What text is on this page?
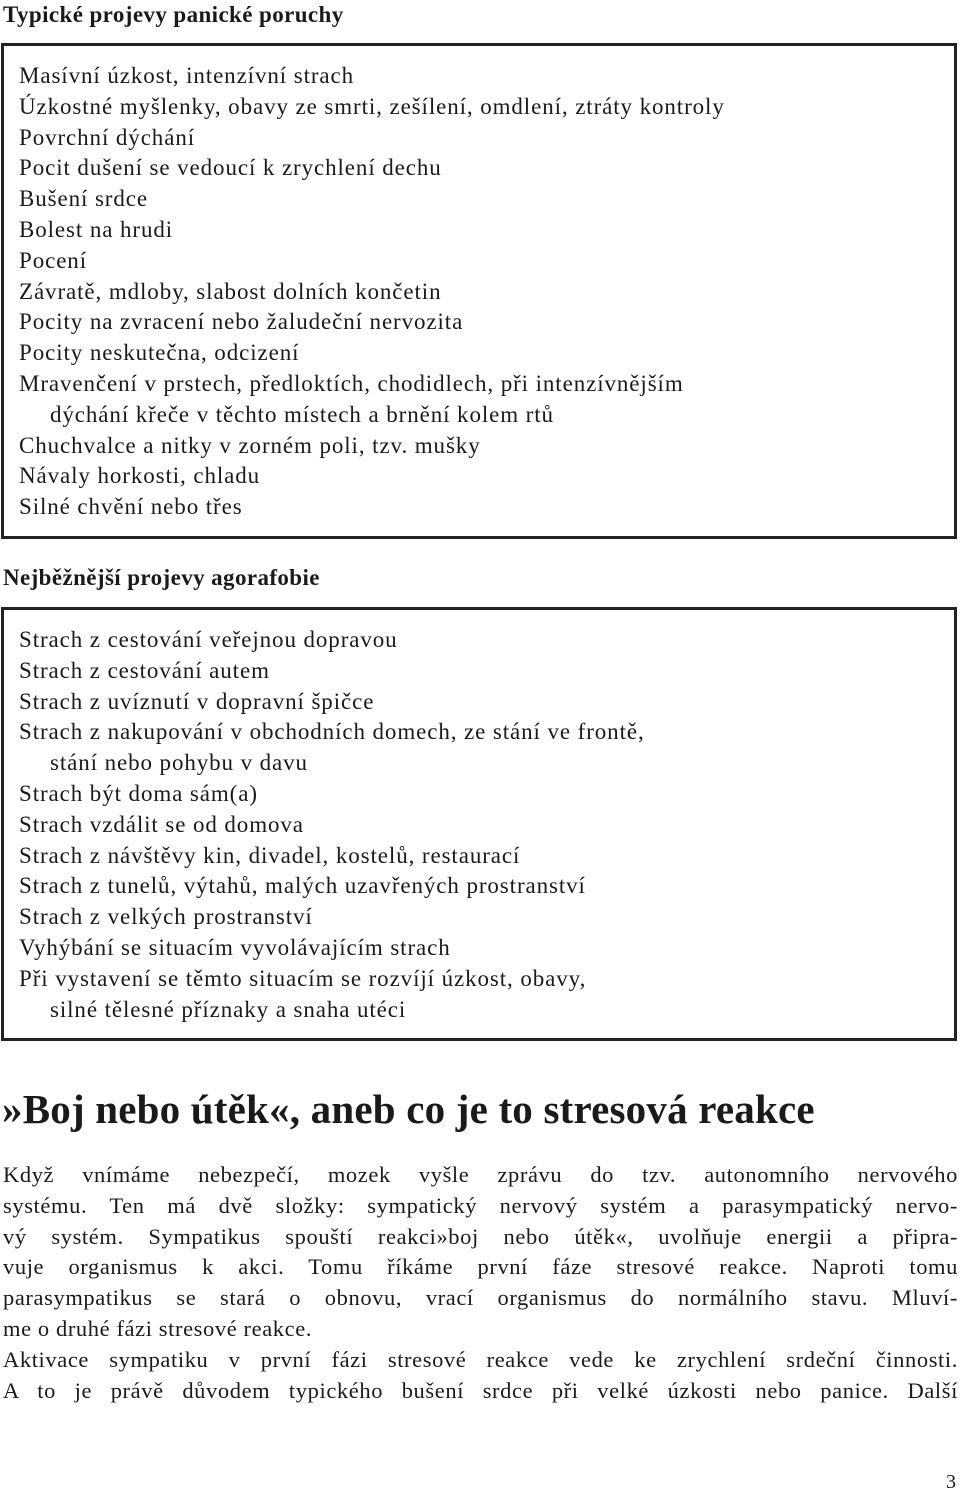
Typické projevy panické poruchy
Masívní úzkost, intenzívní strach
Úzkostné myšlenky, obavy ze smrti, zešílení, omdlení, ztráty kontroly
Povrchní dýchání
Pocit dušení se vedoucí k zrychlení dechu
Bušení srdce
Bolest na hrudi
Pocení
Závratě, mdloby, slabost dolních končetin
Pocity na zvracení nebo žaludeční nervozita
Pocity neskutečna, odcizení
Mravenčení v prstech, předloktích, chodidlech, při intenzívnějším
dýchání křeče v těchto místech a brnění kolem rtů
Chuchvalce a nitky v zorném poli, tzv. mušky
Návaly horkosti, chladu
Silné chvění nebo třes
Nejběžnější projevy agorafobie
Strach z cestování veřejnou dopravou
Strach z cestování autem
Strach z uvíznutí v dopravní špičce
Strach z nakupování v obchodních domech, ze stání ve frontě,
stání nebo pohybu v davu
Strach být doma sám(a)
Strach vzdálit se od domova
Strach z návštěvy kin, divadel, kostelů, restaurací
Strach z tunelů, výtahů, malých uzavřených prostranství
Strach z velkých prostranství
Vyhýbání se situacím vyvolávajícím strach
Při vystavení se těmto situacím se rozvíjí úzkost, obavy,
silné tělesné příznaky a snaha utéci
»Boj nebo útěk«, aneb co je to stresová reakce
Když vnímáme nebezpečí, mozek vyšle zprávu do tzv. autonomního nervového
systému. Ten má dvě složky: sympatický nervový systém a parasympatický nervo-
vý systém. Sympatikus spouští reakci»boj nebo útěk«, uvolňuje energii a připra-
vuje organismus k akci. Tomu říkáme první fáze stresové reakce. Naproti tomu
parasympatikus se stará o obnovu, vrací organismus do normálního stavu. Mluví-
me o druhé fázi stresové reakce.
Aktivace sympatiku v první fázi stresové reakce vede ke zrychlení srdeční činnosti.
A to je právě důvodem typického bušení srdce při velké úzkosti nebo panice. Další
3
